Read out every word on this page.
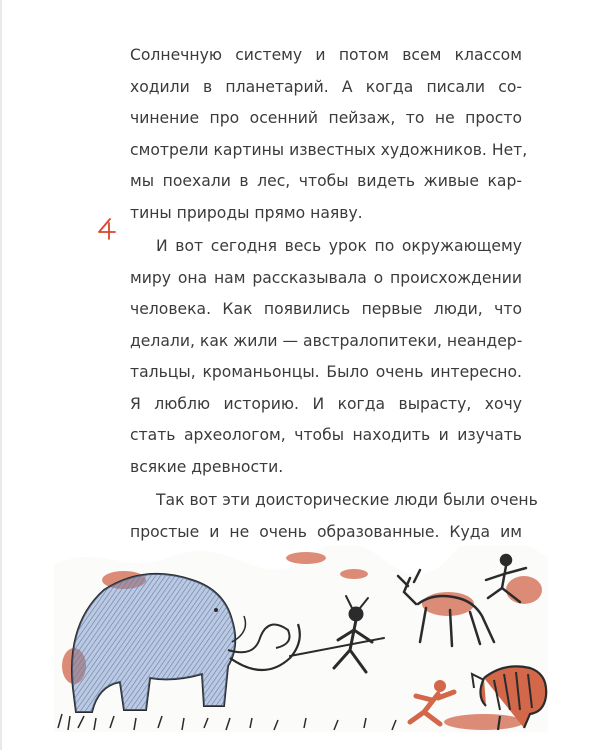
Солнечную систему и потом всем классом
ходили в планетарий. А когда писали со-
чинение про осенний пейзаж, то не просто
смотрели картины известных художников. Нет,
мы поехали в лес, чтобы видеть живые кар-
тины природы прямо наяву.
И вот сегодня весь урок по окружающему
миру она нам рассказывала о происхождении
человека. Как появились первые люди, что
делали, как жили — австралопитеки, неандер-
тальцы, кроманьонцы. Было очень интересно.
Я люблю историю. И когда вырасту, хочу
стать археологом, чтобы находить и изучать
всякие древности.
Так вот эти доисторические люди были очень
простые и не очень образованные. Куда им
